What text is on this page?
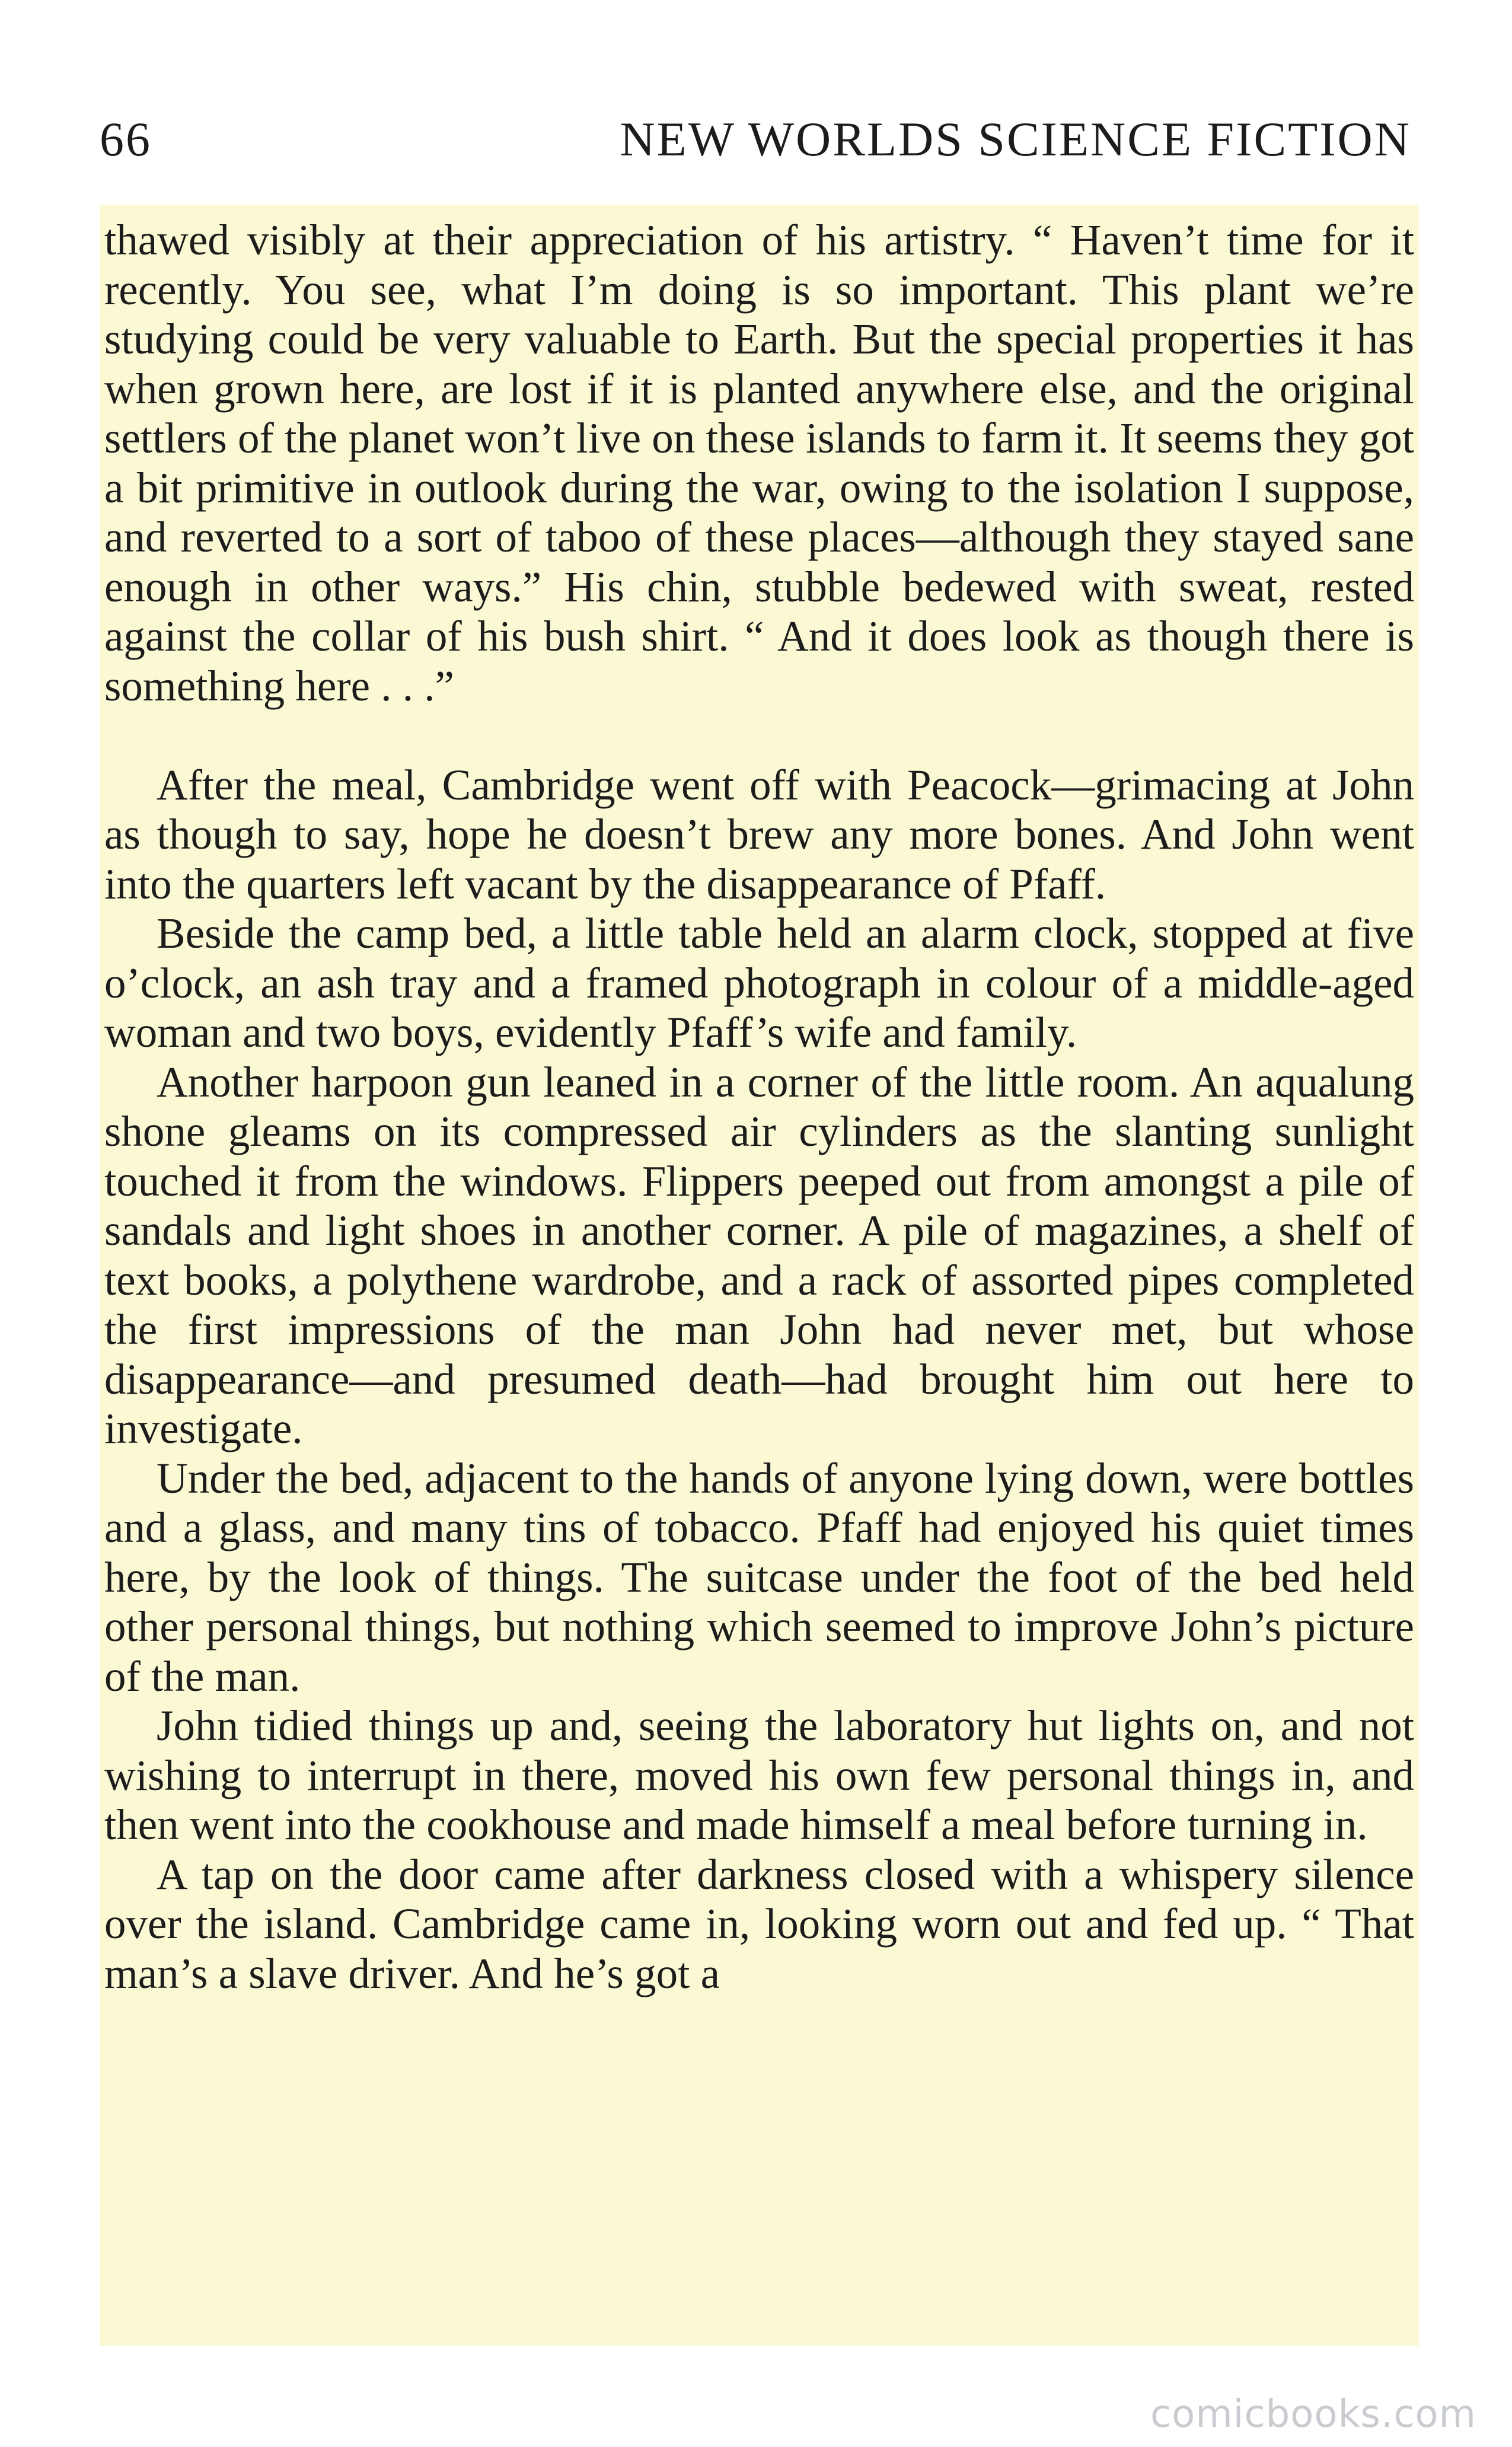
66	NEW WORLDS SCIENCE FICTION

thawed visibly at their appreciation of his artistry. “ Haven’t time for it recently. You see, what I’m doing is so important. This plant we’re studying could be very valuable to Earth. But the special properties it has when grown here, are lost if it is planted anywhere else, and the original settlers of the planet won’t live on these islands to farm it. It seems they got a bit primitive in outlook during the war, owing to the isolation I suppose, and reverted to a sort of taboo of these places—although they stayed sane enough in other ways.” His chin, stubble bedewed with sweat, rested against the collar of his bush shirt. “ And it does look as though there is something here . . .”

After the meal, Cambridge went off with Peacock—grimacing at John as though to say, hope he doesn’t brew any more bones. And John went into the quarters left vacant by the disappearance of Pfaff.

Beside the camp bed, a little table held an alarm clock, stopped at five o’clock, an ash tray and a framed photograph in colour of a middle-aged woman and two boys, evidently Pfaff’s wife and family.

Another harpoon gun leaned in a corner of the little room. An aqualung shone gleams on its compressed air cylinders as the slanting sunlight touched it from the windows. Flippers peeped out from amongst a pile of sandals and light shoes in another corner. A pile of magazines, a shelf of text books, a polythene wardrobe, and a rack of assorted pipes completed the first impressions of the man John had never met, but whose disappearance—and presumed death—had brought him out here to investigate.

Under the bed, adjacent to the hands of anyone lying down, were bottles and a glass, and many tins of tobacco. Pfaff had enjoyed his quiet times here, by the look of things. The suitcase under the foot of the bed held other personal things, but nothing which seemed to improve John’s picture of the man.

John tidied things up and, seeing the laboratory hut lights on, and not wishing to interrupt in there, moved his own few personal things in, and then went into the cookhouse and made himself a meal before turning in.

A tap on the door came after darkness closed with a whispery silence over the island. Cambridge came in, looking worn out and fed up. “ That man’s a slave driver. And he’s got a

comicbooks.com
